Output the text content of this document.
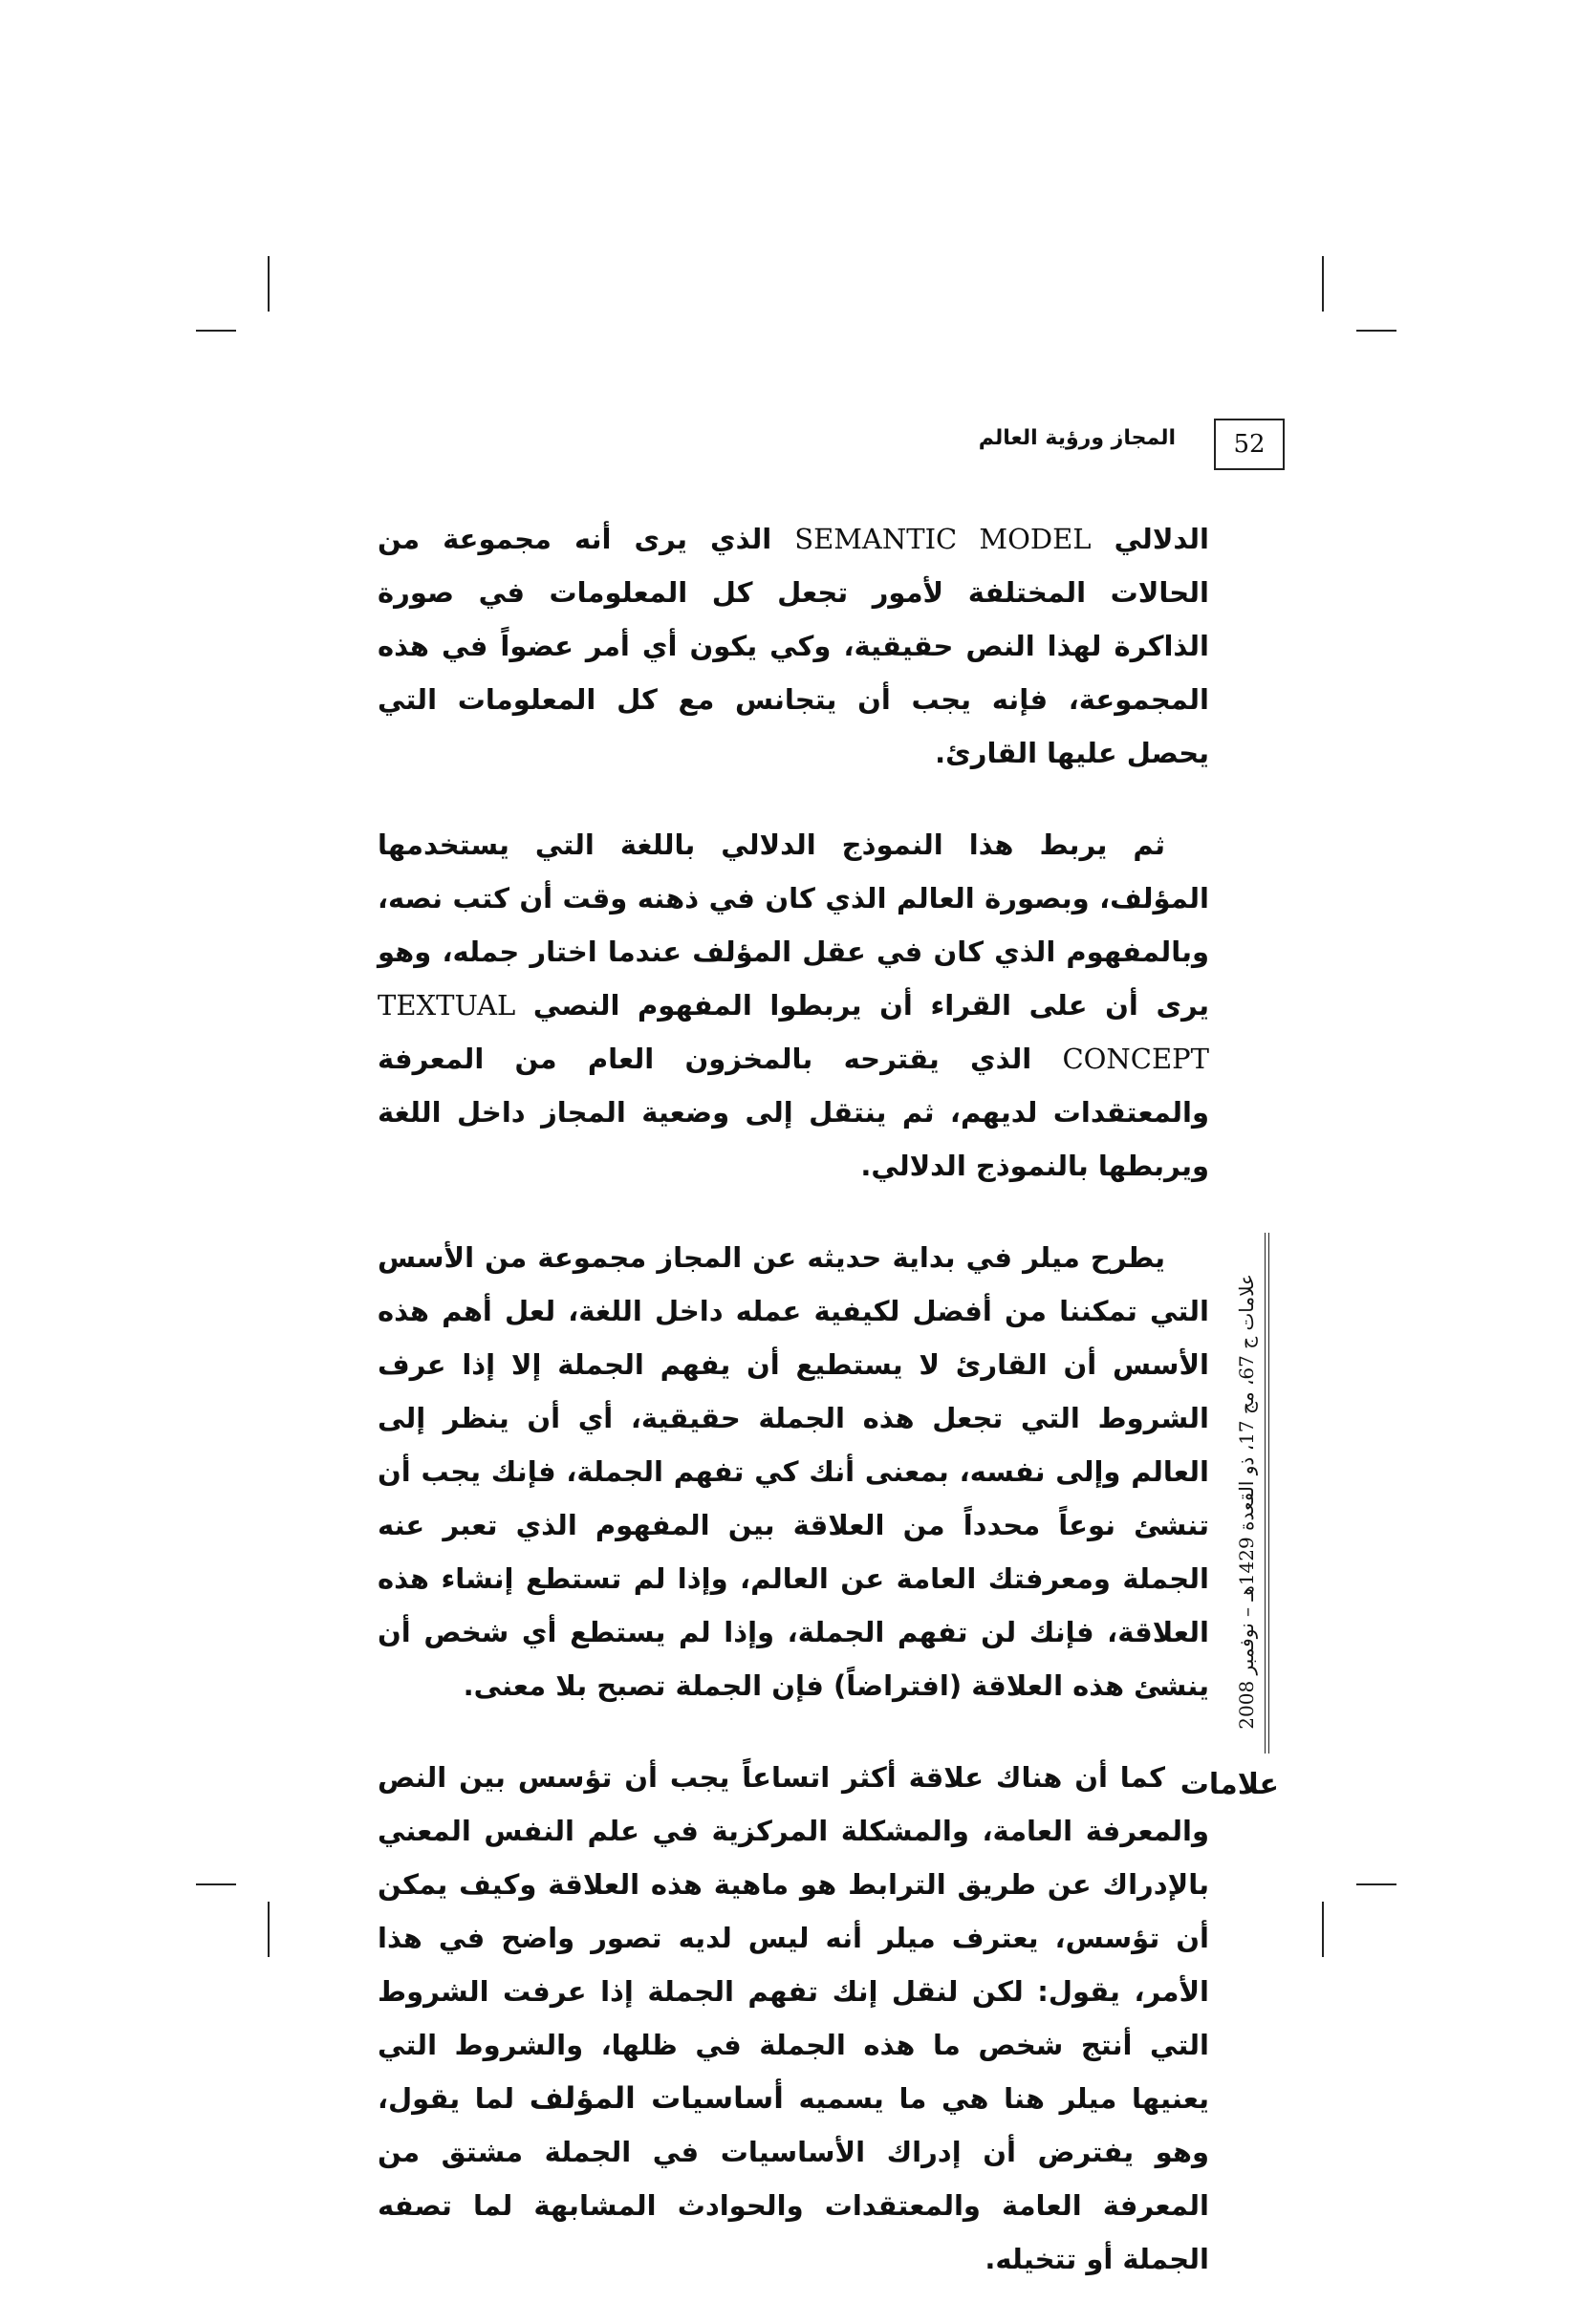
52
المجاز ورؤية العالم

الدلالي SEMANTIC MODEL الذي يرى أنه مجموعة من الحالات المختلفة لأمور تجعل كل المعلومات في صورة الذاكرة لهذا النص حقيقية، وكي يكون أي أمر عضواً في هذه المجموعة، فإنه يجب أن يتجانس مع كل المعلومات التي يحصل عليها القارئ.

ثم يربط هذا النموذج الدلالي باللغة التي يستخدمها المؤلف، وبصورة العالم الذي كان في ذهنه وقت أن كتب نصه، وبالمفهوم الذي كان في عقل المؤلف عندما اختار جمله، وهو يرى أن على القراء أن يربطوا المفهوم النصي TEXTUAL CONCEPT الذي يقترحه بالمخزون العام من المعرفة والمعتقدات لديهم، ثم ينتقل إلى وضعية المجاز داخل اللغة ويربطها بالنموذج الدلالي.

يطرح ميلر في بداية حديثه عن المجاز مجموعة من الأسس التي تمكننا من أفضل لكيفية عمله داخل اللغة، لعل أهم هذه الأسس أن القارئ لا يستطيع أن يفهم الجملة إلا إذا عرف الشروط التي تجعل هذه الجملة حقيقية، أي أن ينظر إلى العالم وإلى نفسه، بمعنى أنك كي تفهم الجملة، فإنك يجب أن تنشئ نوعاً محدداً من العلاقة بين المفهوم الذي تعبر عنه الجملة ومعرفتك العامة عن العالم، وإذا لم تستطع إنشاء هذه العلاقة، فإنك لن تفهم الجملة، وإذا لم يستطع أي شخص أن ينشئ هذه العلاقة (افتراضاً) فإن الجملة تصبح بلا معنى.

كما أن هناك علاقة أكثر اتساعاً يجب أن تؤسس بين النص والمعرفة العامة، والمشكلة المركزية في علم النفس المعني بالإدراك عن طريق الترابط هو ماهية هذه العلاقة وكيف يمكن أن تؤسس، يعترف ميلر أنه ليس لديه تصور واضح في هذا الأمر، يقول: لكن لنقل إنك تفهم الجملة إذا عرفت الشروط التي أنتج شخص ما هذه الجملة في ظلها، والشروط التي يعنيها ميلر هنا هي ما يسميه أساسيات المؤلف لما يقول، وهو يفترض أن إدراك الأساسيات في الجملة مشتق من المعرفة العامة والمعتقدات والحوادث المشابهة لما تصفه الجملة أو تتخيله.

علامات ج 67، مج 17، ذو القعدة 1429هـ – نوفمبر 2008
علامات
